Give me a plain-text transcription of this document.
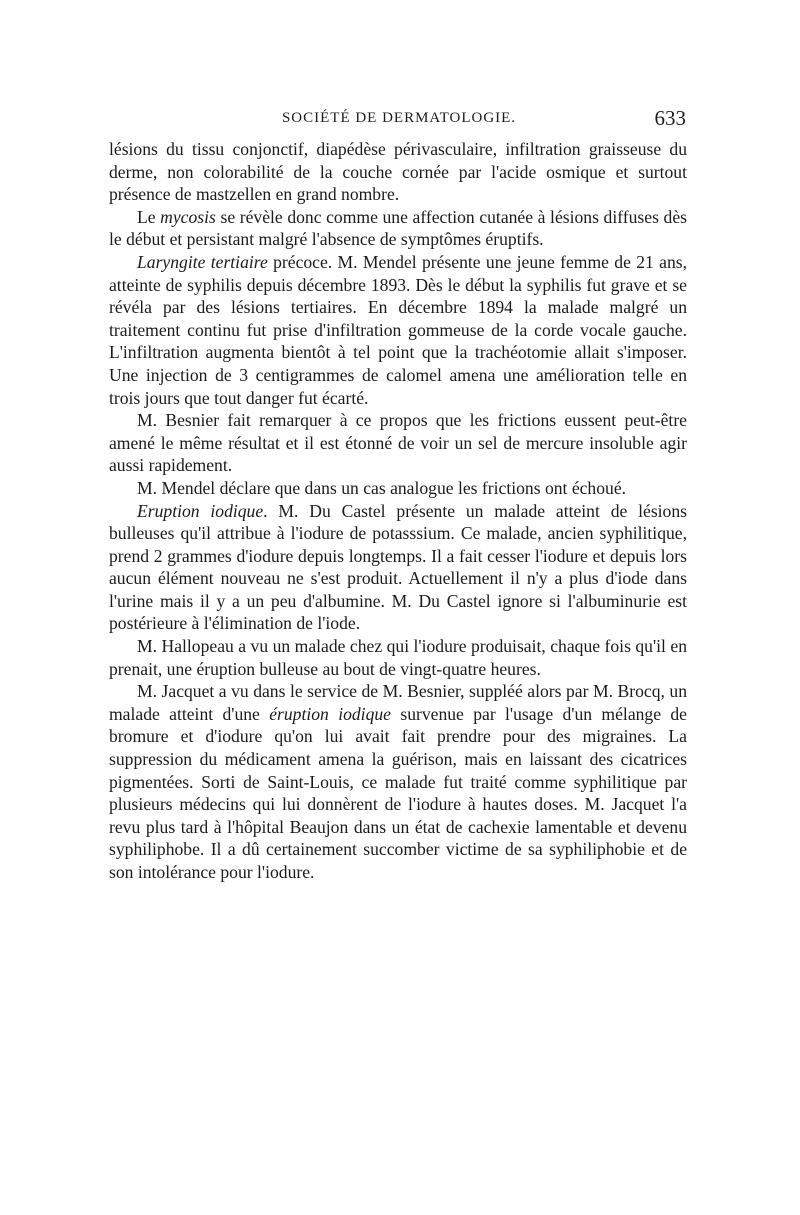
SOCIÉTÉ DE DERMATOLOGIE.	633

lésions du tissu conjonctif, diapédèse périvasculaire, infiltration graisseuse du derme, non colorabilité de la couche cornée par l'acide osmique et surtout présence de mastzellen en grand nombre.

Le mycosis se révèle donc comme une affection cutanée à lésions diffuses dès le début et persistant malgré l'absence de symptômes éruptifs.

Laryngite tertiaire précoce. M. Mendel présente une jeune femme de 21 ans, atteinte de syphilis depuis décembre 1893. Dès le début la syphilis fut grave et se révéla par des lésions tertiaires. En décembre 1894 la malade malgré un traitement continu fut prise d'infiltration gommeuse de la corde vocale gauche. L'infiltration augmenta bientôt à tel point que la trachéotomie allait s'imposer. Une injection de 3 centigrammes de calomel amena une amélioration telle en trois jours que tout danger fut écarté.

M. Besnier fait remarquer à ce propos que les frictions eussent peut-être amené le même résultat et il est étonné de voir un sel de mercure insoluble agir aussi rapidement.

M. Mendel déclare que dans un cas analogue les frictions ont échoué.

Eruption iodique. M. Du Castel présente un malade atteint de lésions bulleuses qu'il attribue à l'iodure de potasssium. Ce malade, ancien syphilitique, prend 2 grammes d'iodure depuis longtemps. Il a fait cesser l'iodure et depuis lors aucun élément nouveau ne s'est produit. Actuellement il n'y a plus d'iode dans l'urine mais il y a un peu d'albumine. M. Du Castel ignore si l'albuminurie est postérieure à l'élimination de l'iode.

M. Hallopeau a vu un malade chez qui l'iodure produisait, chaque fois qu'il en prenait, une éruption bulleuse au bout de vingt-quatre heures.

M. Jacquet a vu dans le service de M. Besnier, suppléé alors par M. Brocq, un malade atteint d'une éruption iodique survenue par l'usage d'un mélange de bromure et d'iodure qu'on lui avait fait prendre pour des migraines. La suppression du médicament amena la guérison, mais en laissant des cicatrices pigmentées. Sorti de Saint-Louis, ce malade fut traité comme syphilitique par plusieurs médecins qui lui donnèrent de l'iodure à hautes doses. M. Jacquet l'a revu plus tard à l'hôpital Beaujon dans un état de cachexie lamentable et devenu syphiliphobe. Il a dû certainement succomber victime de sa syphiliphobie et de son intolérance pour l'iodure.
